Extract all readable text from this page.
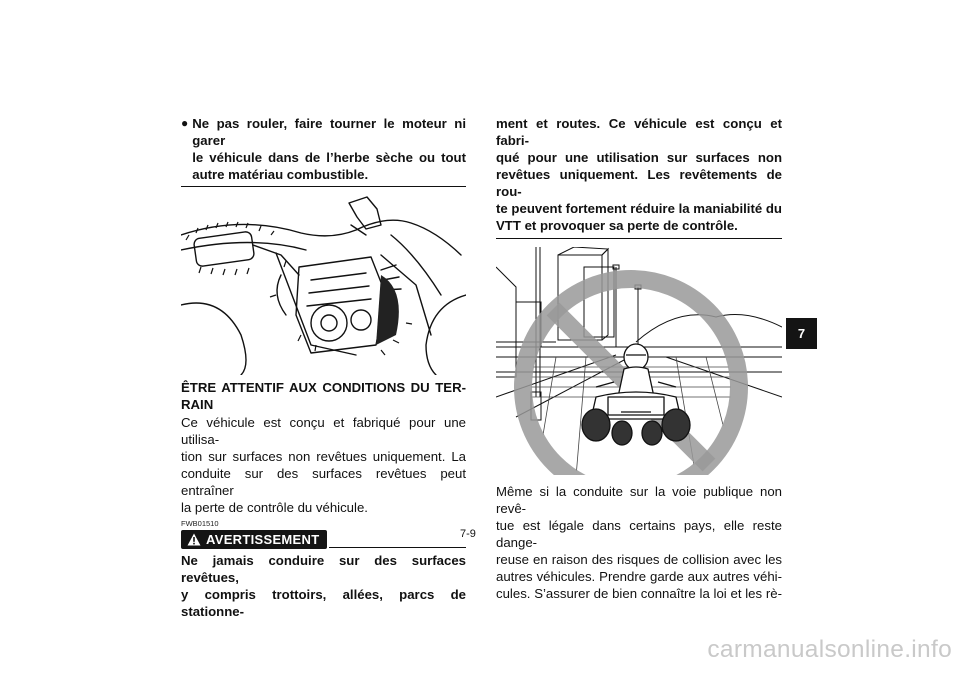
● Ne pas rouler, faire tourner le moteur ni garer
le véhicule dans de l’herbe sèche ou tout
autre matériau combustible.
ÊTRE ATTENTIF AUX CONDITIONS DU TER-
RAIN
Ce véhicule est conçu et fabriqué pour une utilisa-
tion sur surfaces non revêtues uniquement. La
conduite sur des surfaces revêtues peut entraîner
la perte de contrôle du véhicule.
FWB01510
AVERTISSEMENT
Ne jamais conduire sur des surfaces revêtues,
y compris trottoirs, allées, parcs de stationne-
ment et routes. Ce véhicule est conçu et fabri-
qué pour une utilisation sur surfaces non
revêtues uniquement. Les revêtements de rou-
te peuvent fortement réduire la maniabilité du
VTT et provoquer sa perte de contrôle.
Même si la conduite sur la voie publique non revê-
tue est légale dans certains pays, elle reste dange-
reuse en raison des risques de collision avec les
autres véhicules. Prendre garde aux autres véhi-
cules. S’assurer de bien connaître la loi et les rè-
7-9
7
carmanualsonline.info
